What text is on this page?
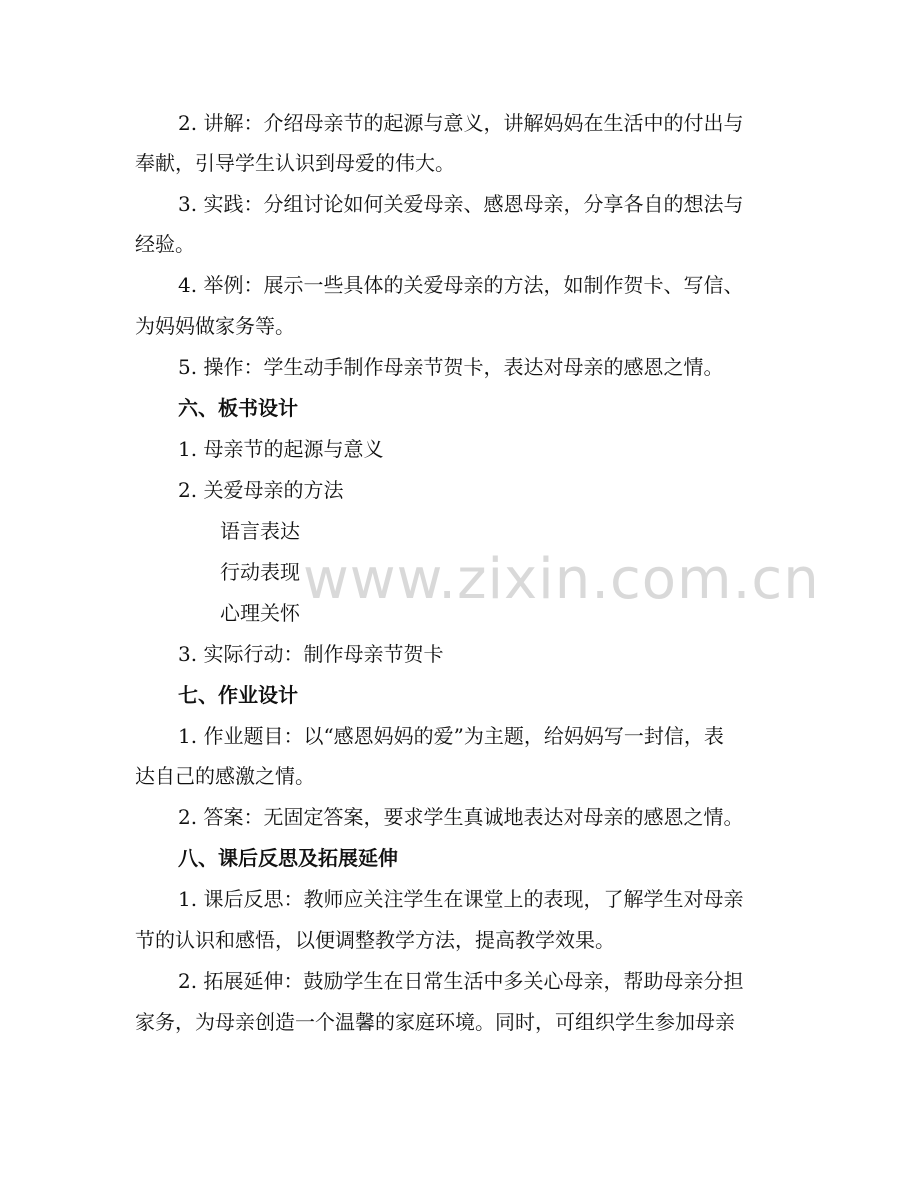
www.zixin.com.cn
2. 讲解：介绍母亲节的起源与意义，讲解妈妈在生活中的付出与
奉献，引导学生认识到母爱的伟大。
3. 实践：分组讨论如何关爱母亲、感恩母亲，分享各自的想法与
经验。
4. 举例：展示一些具体的关爱母亲的方法，如制作贺卡、写信、
为妈妈做家务等。
5. 操作：学生动手制作母亲节贺卡，表达对母亲的感恩之情。
六、板书设计
1. 母亲节的起源与意义
2. 关爱母亲的方法
语言表达
行动表现
心理关怀
3. 实际行动：制作母亲节贺卡
七、作业设计
1. 作业题目：以“感恩妈妈的爱”为主题，给妈妈写一封信，表
达自己的感激之情。
2. 答案：无固定答案，要求学生真诚地表达对母亲的感恩之情。
八、课后反思及拓展延伸
1. 课后反思：教师应关注学生在课堂上的表现，了解学生对母亲
节的认识和感悟，以便调整教学方法，提高教学效果。
2. 拓展延伸：鼓励学生在日常生活中多关心母亲，帮助母亲分担
家务，为母亲创造一个温馨的家庭环境。同时，可组织学生参加母亲
